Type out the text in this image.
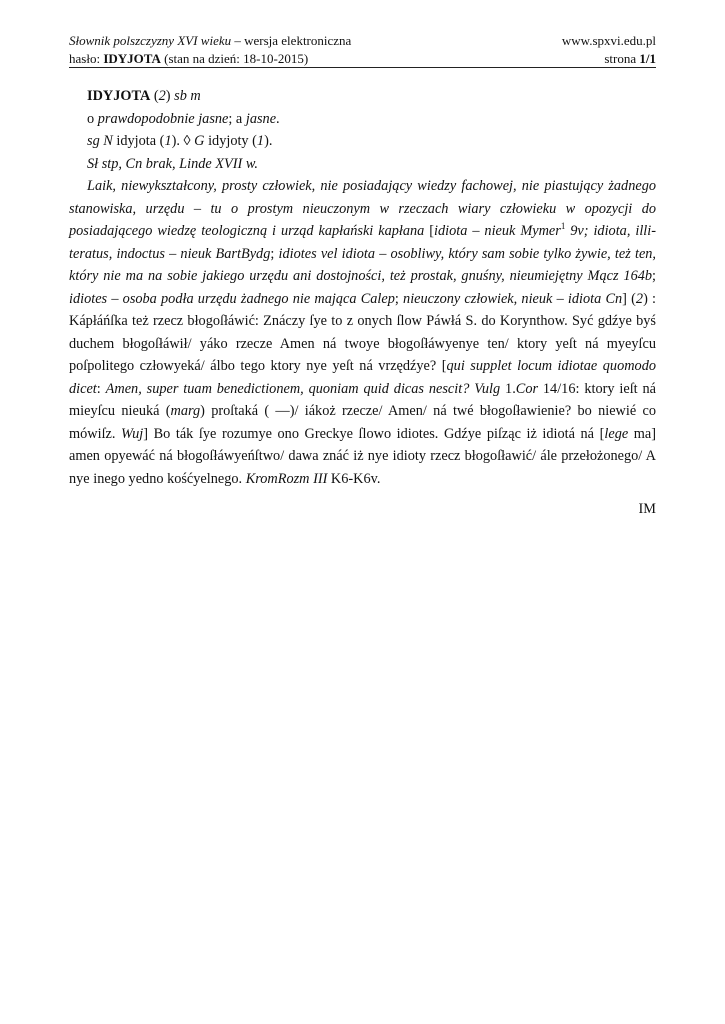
Słownik polszczyzny XVI wieku – wersja elektroniczna	www.spxvi.edu.pl
hasło: IDYJOTA (stan na dzień: 18-10-2015)	strona 1/1
IDYJOTA (2) sb m
o prawdopodobnie jasne; a jasne.
sg N idyjota (1). ◊ G idyjoty (1).
Sł stp, Cn brak, Linde XVII w.

Laik, niewykształcony, prosty człowiek, nie posiadający wiedzy fachowej, nie piastujący żadnego stanowiska, urzędu – tu o prostym nieuczonym w rzeczach wiary człowieku w opozycji do posiadającego wiedzę teologiczną i urząd kapłański kapłana [idiota – nieuk Mymer$^1$ 9v; idiota, illi- teratus, indoctus – nieuk BartBydg; idiotes vel idiota – osobliwy, który sam sobie tylko żywie, też ten, który nie ma na sobie jakiego urzędu ani dostojności, też prostak, gnuśny, nieumiejętny Mącz 164b; idiotes – osoba podła urzędu żadnego nie mającа Calep; nieuczony człowiek, nieuk – idiota Cn] (2) : Kápłáńſka też rzecz błogoſłáwić: Znáczy ſye to z onych ſlow Páwłá S. do Korynthow. Syć gdźye byś duchem błogoſłáwił/ yáko rzecze Amen ná twoye błogoſłáwyenye ten/ ktory yeſt ná myeyſcu poſpolitego człowyeká/ álbo tego ktory nye yeſt ná vrzędźye? [qui supplet locum idiotae quomodo dicet: Amen, super tuam benedictionem, quoniam quid dicas nescit? Vulg 1.Cor 14/16: ktory ieſt ná mieyſcu nieuká (marg) proſtaká ( —)/ iákoż rzecze/ Amen/ ná twé błogoſławienie? bo niewié co mówiſz. Wuj] Bo ták ſye rozumye ono Greckye ſlowo idiotes. Gdźye piſząc iż idiotá ná [lege ma] amen opyewáć ná błogoſłáwyeńſtwo/ dawa znáć iż nye idioty rzecz błogoſławić/ ále przełożonego/ A nye inego yedno kośćyelnego. KromRozm III K6-K6v.

IM
